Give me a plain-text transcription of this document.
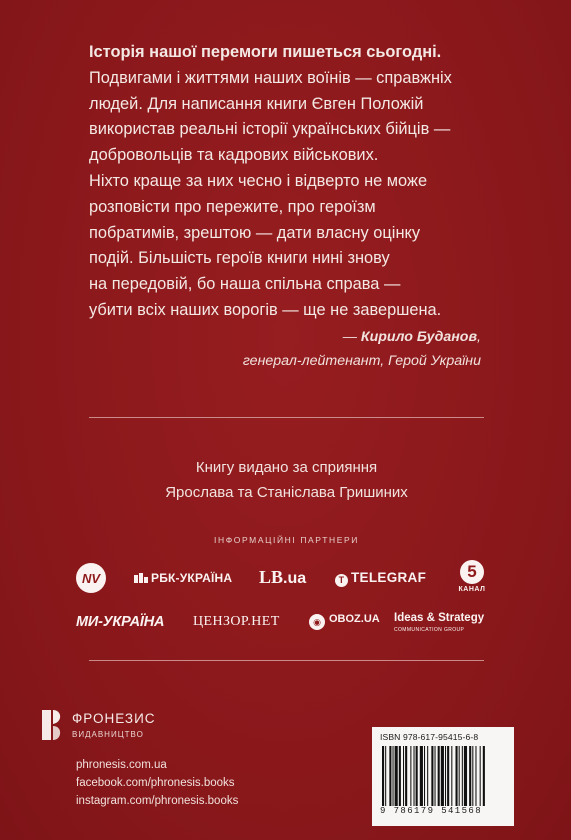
Історія нашої перемоги пишеться сьогодні.

Подвигами і життями наших воїнів — справжніх

людей. Для написання книги Євген Положій

використав реальні історії українських бійців —

добровольців та кадрових військових.

Ніхто краще за них чесно і відверто не може

розповісти про пережите, про героїзм

побратимів, зрештою — дати власну оцінку

подій. Більшість героїв книги нині знову

на передовій, бо наша спільна справа —

убити всіх наших ворогів — ще не завершена.

— Кирило Буданов,
генерал-лейтенант, Герой України
Книгу видано за сприяння
Ярослава та Станіслава Гришиних
ІНФОРМАЦІЙНІ ПАРТНЕРИ
NV	РБК-УКРАЇНА LB.ua	T TELEGRAF	5
КАНАЛ
МИ-УКРАЇНА ЦЕНЗОР.НЕТ	◉ OBOZ.UA Ideas & Strategy
COMMUNICATION GROUP
ФРОНЕЗИС
ВИДАВНИЦТВО
phronesis.com.ua
facebook.com/phronesis.books
instagram.com/phronesis.books
ISBN 978-617-95415-6-8
9 786179 541568
